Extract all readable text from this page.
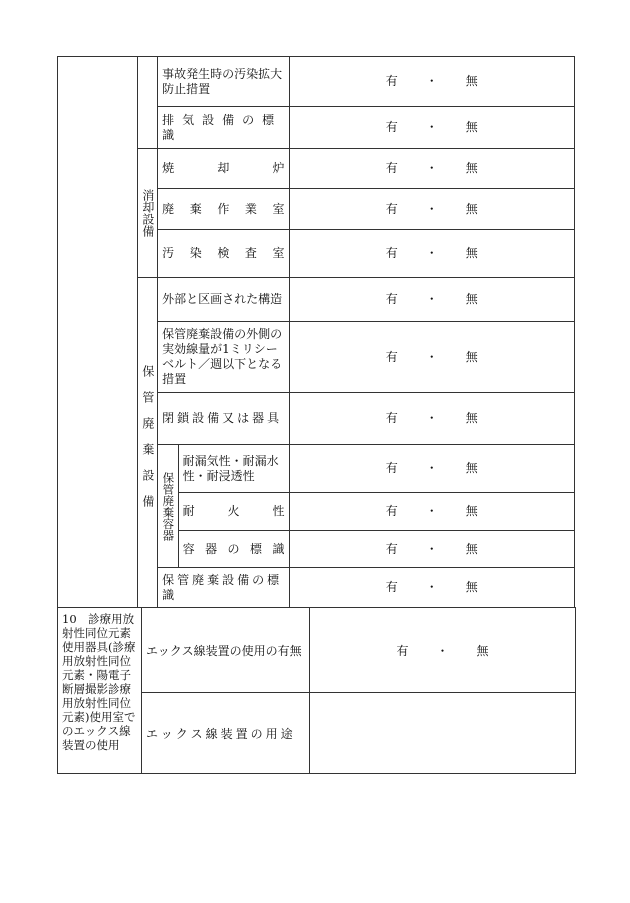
		事故発生時の汚染拡大防止措置		有 ・ 無
		排気設備の標識		有 ・ 無
	消却設備	焼却炉		有 ・ 無
		廃棄作業室		有 ・ 無
		汚染検査室		有 ・ 無
	保管廃棄設備	外部と区画された構造		有 ・ 無
		保管廃棄設備の外側の実効線量が1ミリシーベルト／週以下となる措置		有 ・ 無
		閉鎖設備又は器具		有 ・ 無
		保管廃棄容器	耐漏気性・耐漏水性・耐浸透性	有 ・ 無
			耐火性	有 ・ 無
			容器の標識	有 ・ 無
		保管廃棄設備の標識		有 ・ 無
10　診療用放射性同位元素使用器具(診療用放射性同位元素・陽電子断層撮影診療用放射性同位元素)使用室でのエックス線装置の使用	エックス線装置の使用の有無	有 ・ 無
	エックス線装置の用途	
